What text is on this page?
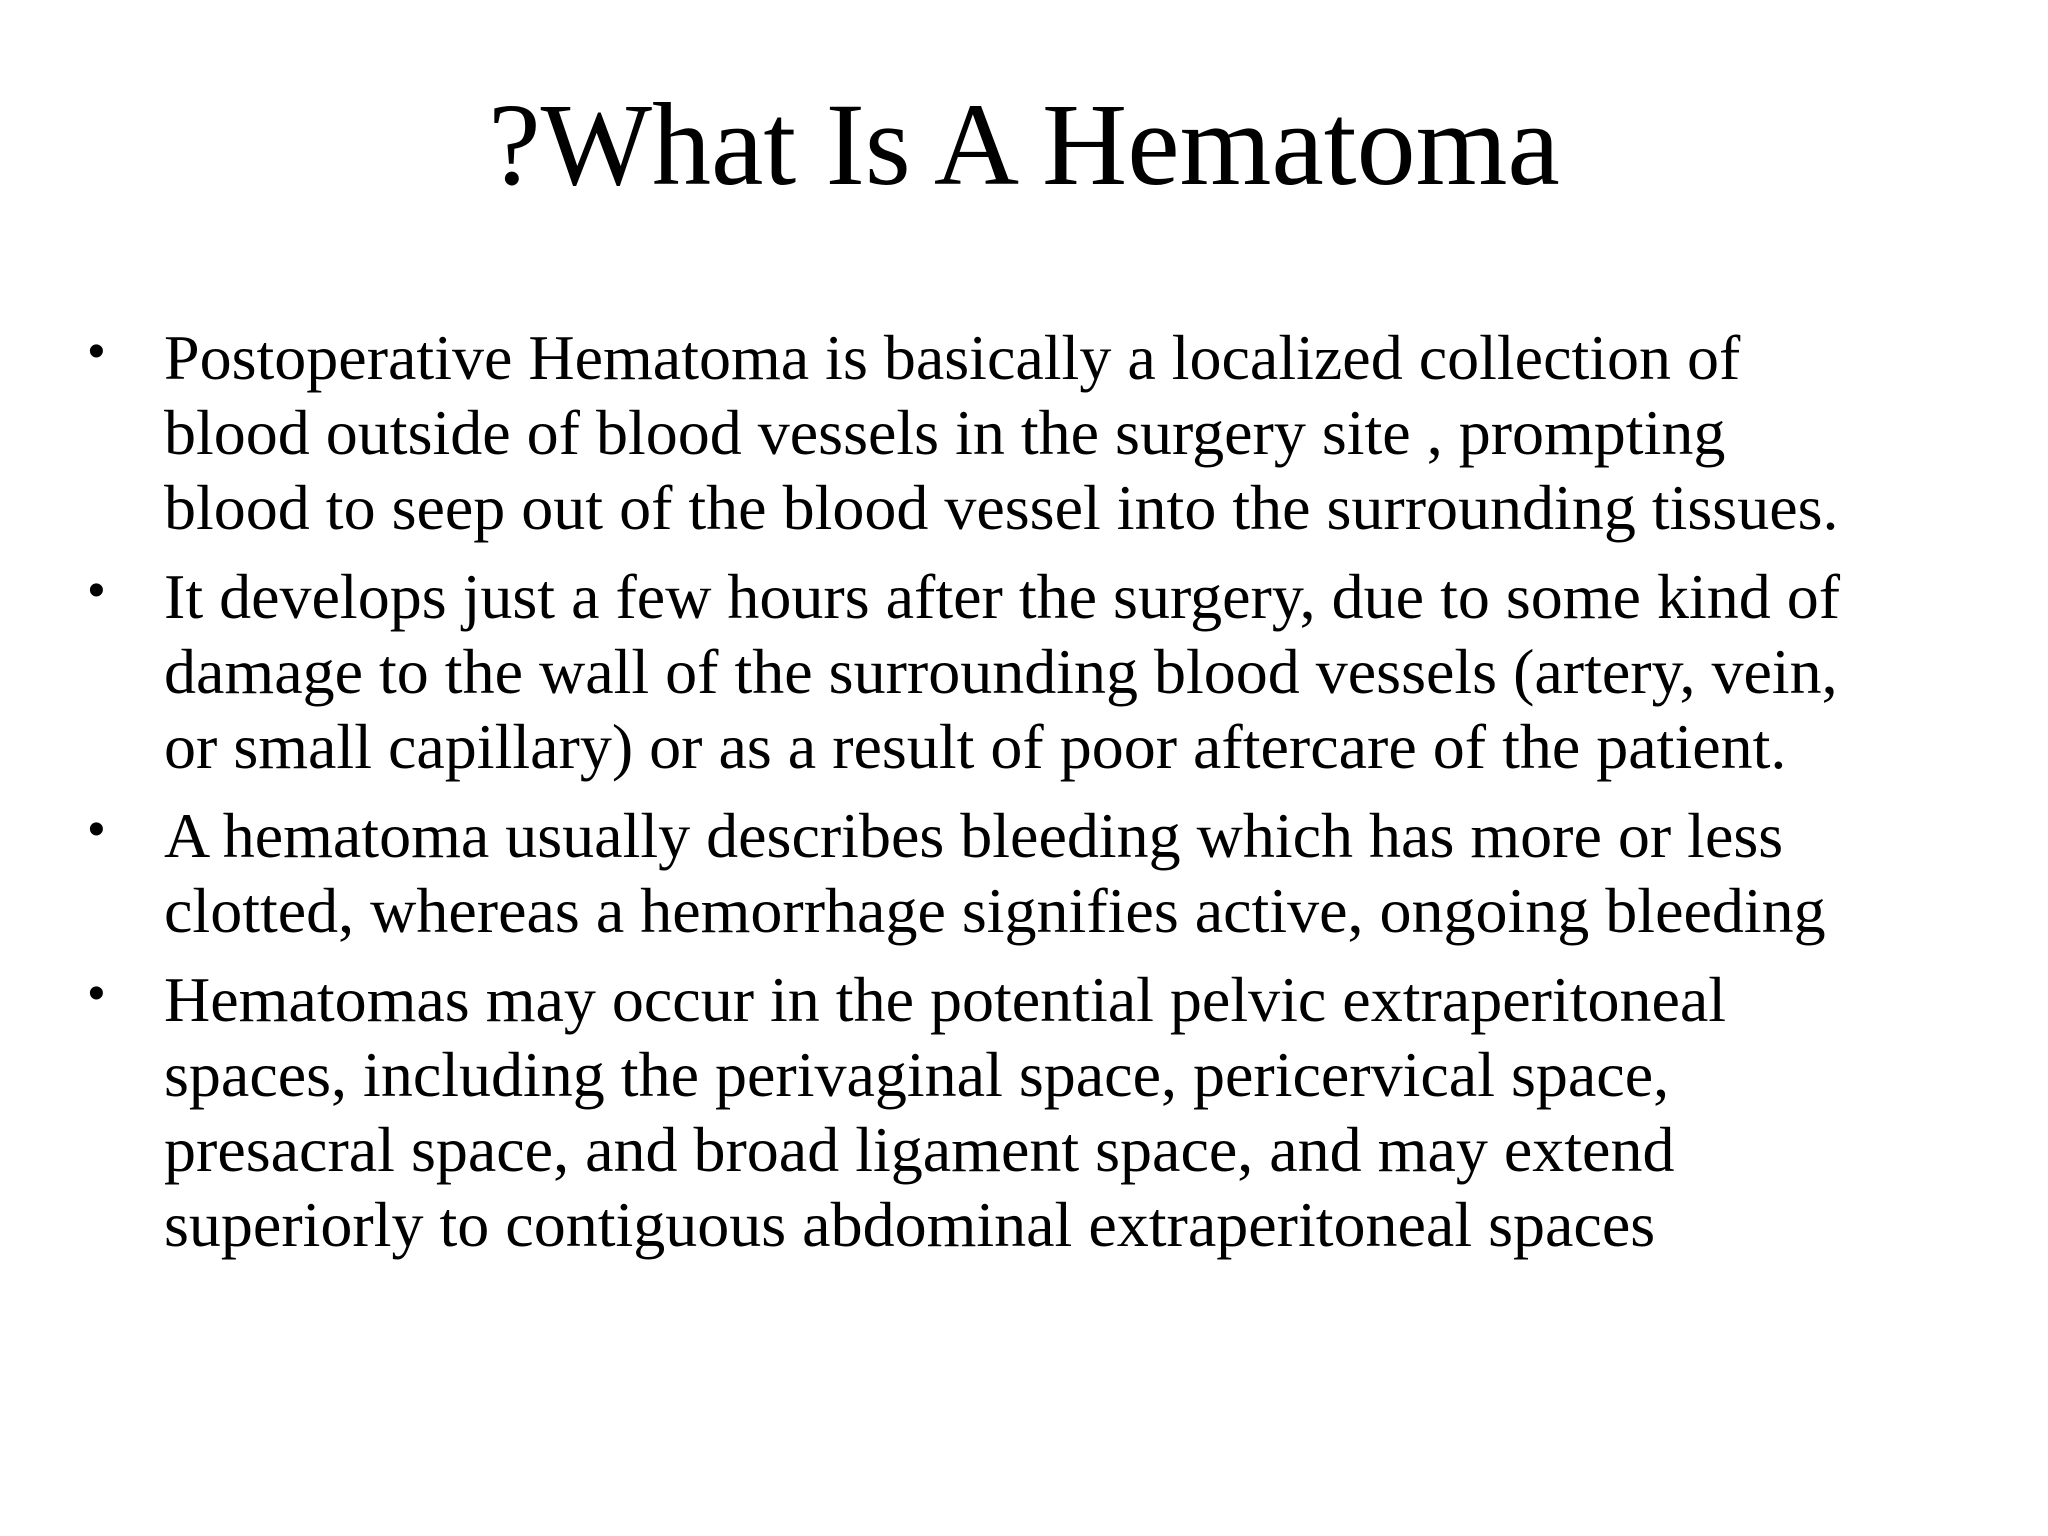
?What Is A Hematoma
• Postoperative Hematoma is basically a localized collection of
blood outside of blood vessels in the surgery site , prompting
blood to seep out of the blood vessel into the surrounding tissues.
• It develops just a few hours after the surgery, due to some kind of
damage to the wall of the surrounding blood vessels (artery, vein,
or small capillary) or as a result of poor aftercare of the patient.
• A hematoma usually describes bleeding which has more or less
clotted, whereas a hemorrhage signifies active, ongoing bleeding
• Hematomas may occur in the potential pelvic extraperitoneal
spaces, including the perivaginal space, pericervical space,
presacral space, and broad ligament space, and may extend
superiorly to contiguous abdominal extraperitoneal spaces
